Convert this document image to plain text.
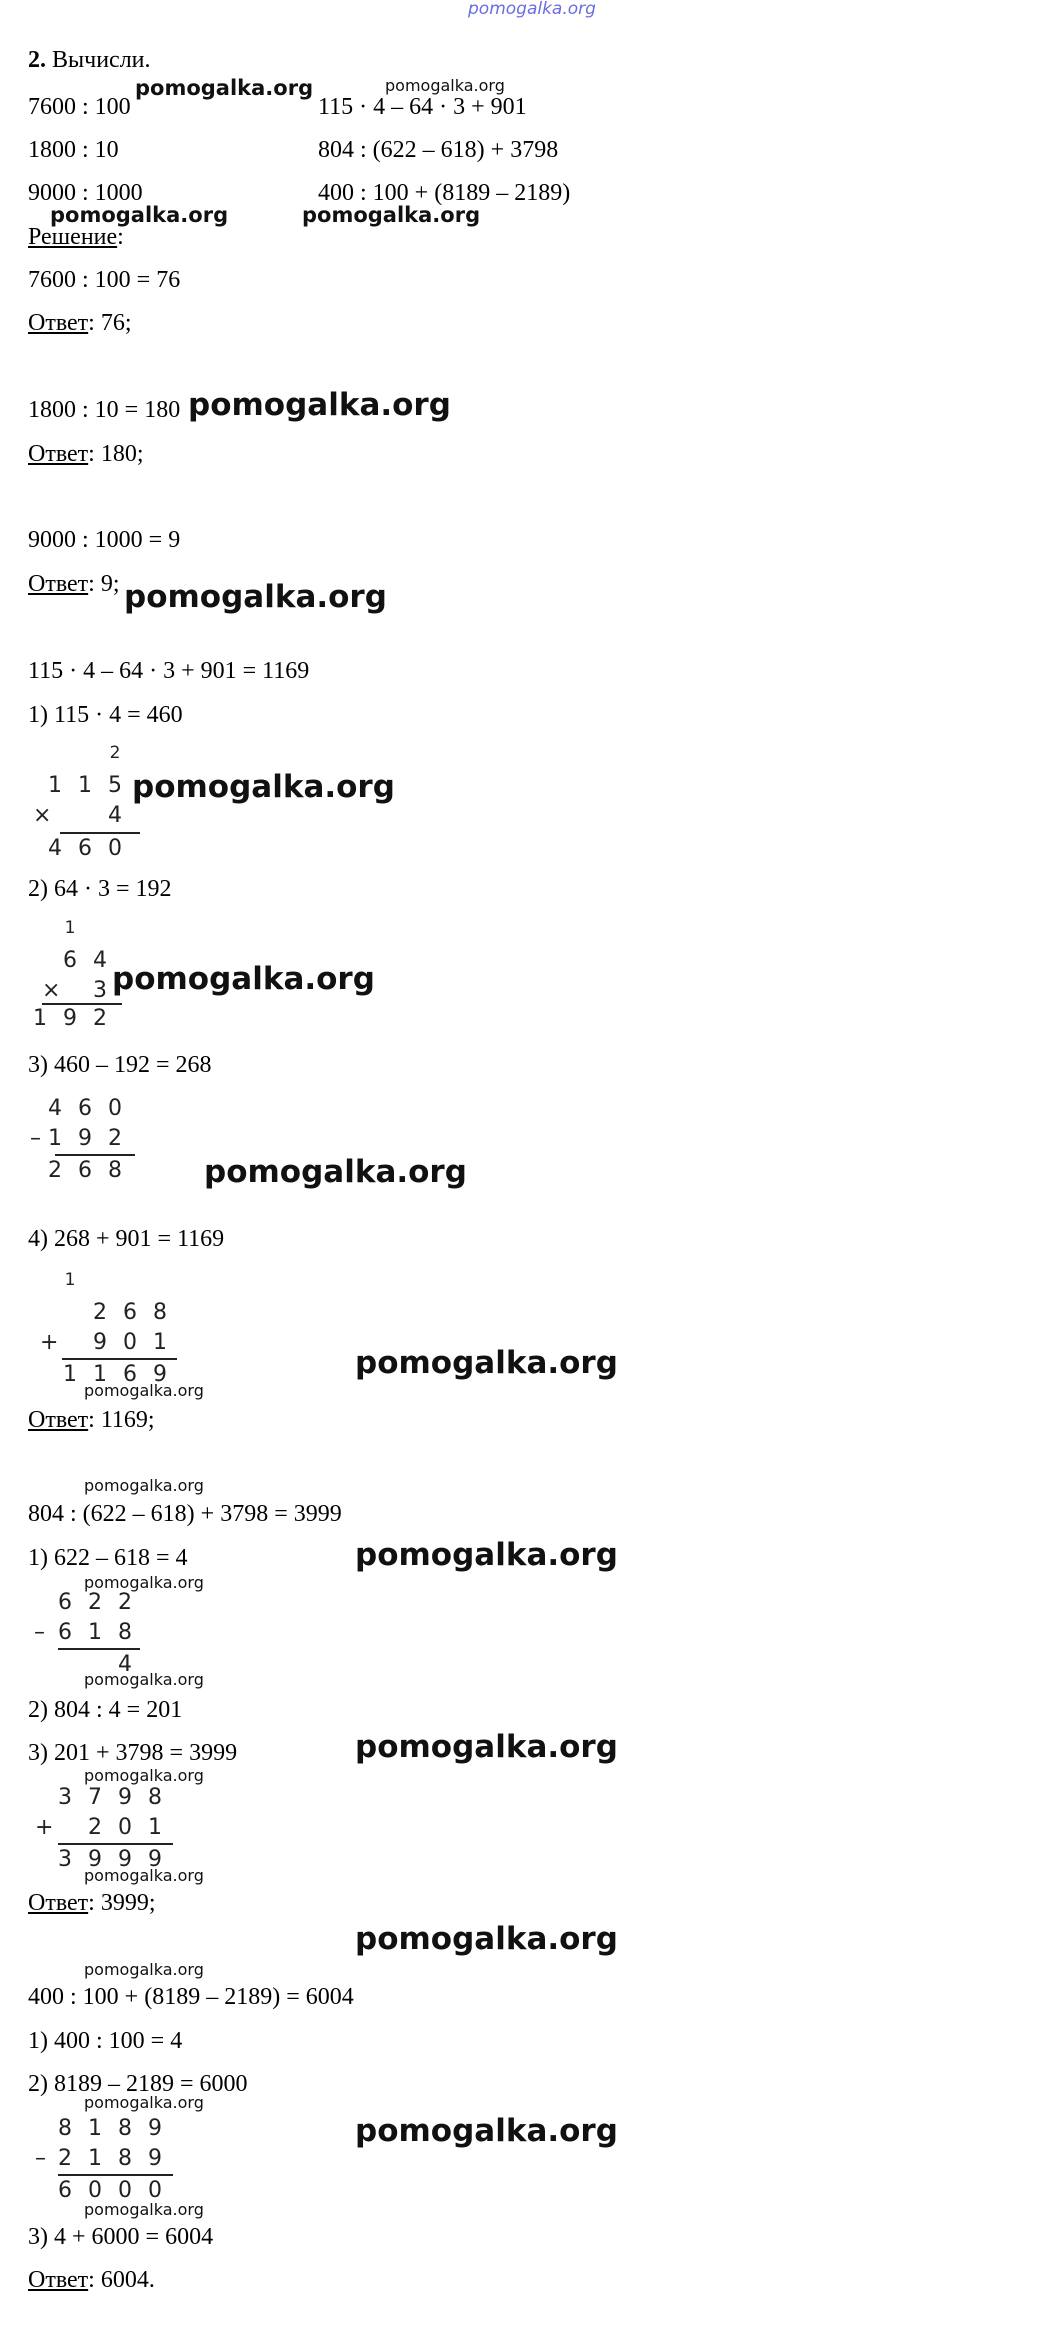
pomogalka.org
2. Вычисли.
7600 : 100
1800 : 10
9000 : 1000
115 · 4 – 64 · 3 + 901
804 : (622 – 618) + 3798
400 : 100 + (8189 – 2189)
Решение:
7600 : 100 = 76
Ответ: 76;
1800 : 10 = 180
Ответ: 180;
9000 : 1000 = 9
Ответ: 9;
115 · 4 – 64 · 3 + 901 = 1169
1) 115 · 4 = 460
2
1 1 5
4
4 6 0
×
2) 64 · 3 = 192
1
6 4
3
1 9 2
×
3) 460 – 192 = 268
4 6 0
1 9 2
2 6 8
–
4) 268 + 901 = 1169
1
2 6 8
9 0 1
1 1 6 9
+
Ответ: 1169;
804 : (622 – 618) + 3798 = 3999
1) 622 – 618 = 4
6 2 2
6 1 8
4
–
2) 804 : 4 = 201
3) 201 + 3798 = 3999
3 7 9 8
2 0 1
3 9 9 9
+
Ответ: 3999;
400 : 100 + (8189 – 2189) = 6004
1) 400 : 100 = 4
2) 8189 – 2189 = 6000
8 1 8 9
2 1 8 9
6 0 0 0
–
3) 4 + 6000 = 6004
Ответ: 6004.
pomogalka.org	pomogalka.org
pomogalka.org	pomogalka.org
pomogalka.org
pomogalka.org
pomogalka.org
pomogalka.org
pomogalka.org
pomogalka.org
pomogalka.org
pomogalka.org
pomogalka.org
pomogalka.org
pomogalka.org
pomogalka.org
pomogalka.org
pomogalka.org
pomogalka.org
pomogalka.org
pomogalka.org
pomogalka.org
pomogalka.org
